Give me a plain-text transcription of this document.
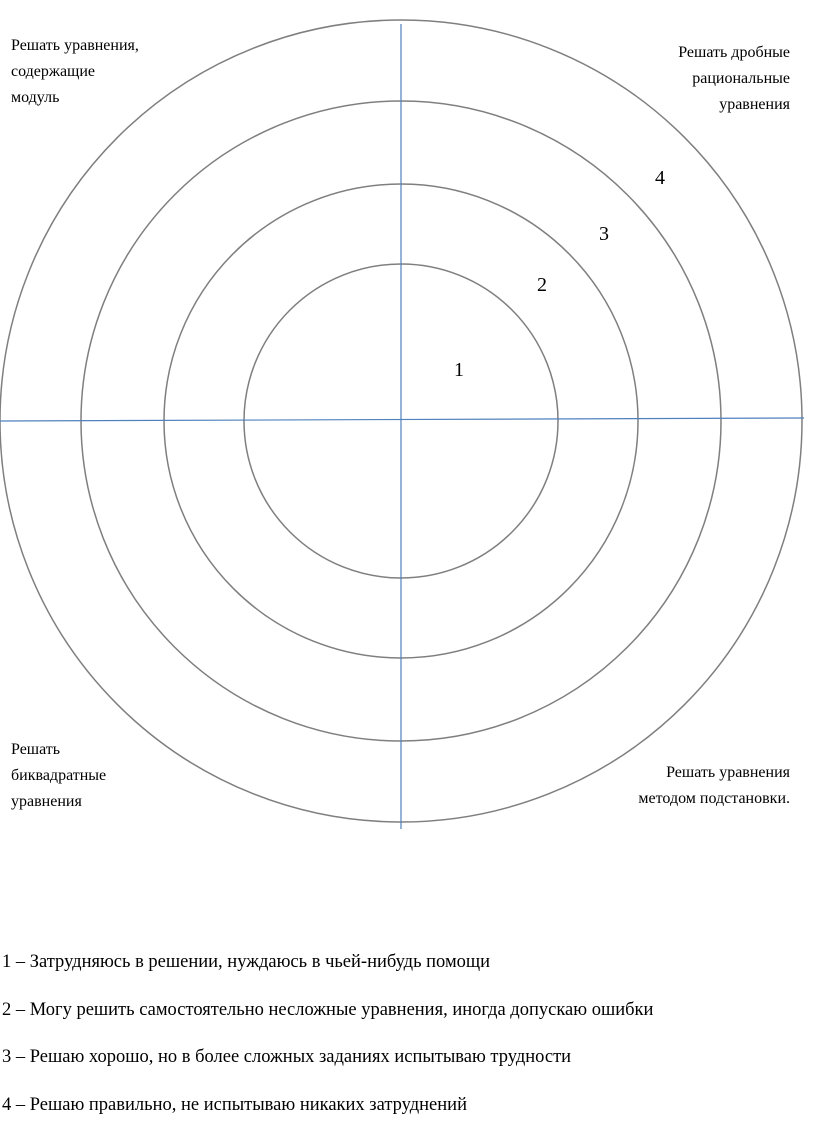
1
2
3
4

Решать уравнения,
содержащие
модуль

Решать дробные
рациональные
уравнения

Решать
биквадратные
уравнения

Решать уравнения
методом подстановки.

1 – Затрудняюсь в решении, нуждаюсь в чьей-нибудь помощи
2 – Могу решить самостоятельно несложные уравнения, иногда допускаю ошибки
3 – Решаю хорошо, но в более сложных заданиях испытываю трудности
4 – Решаю правильно, не испытываю никаких затруднений
